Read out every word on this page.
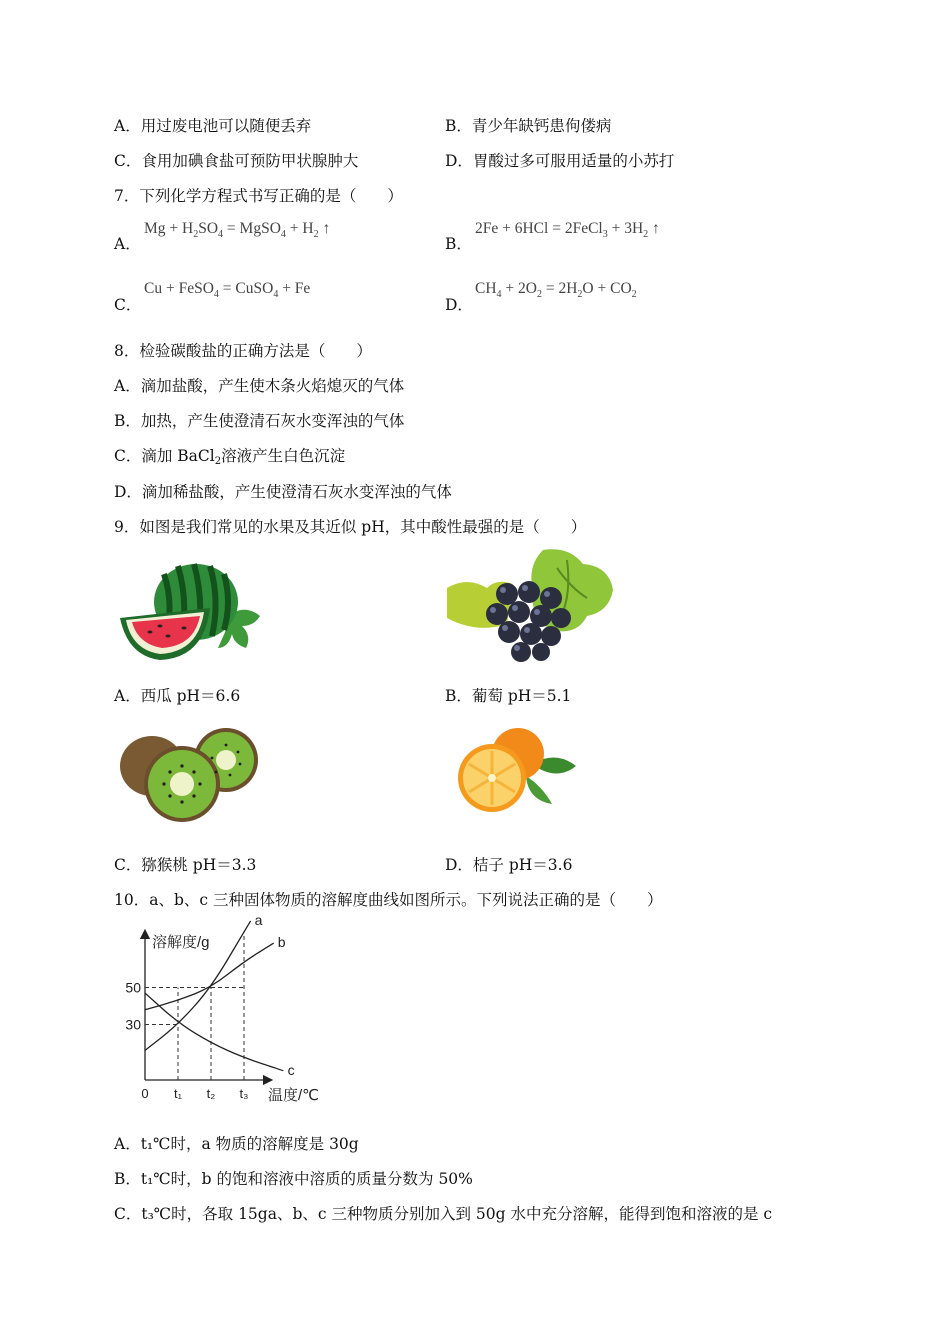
A．用过废电池可以随便丢弃	B．青少年缺钙患佝偻病
C．食用加碘食盐可预防甲状腺肿大	D．胃酸过多可服用适量的小苏打
7．下列化学方程式书写正确的是（　　）
A．
$Mg + H_2SO_4$ = MgSO$_4$ + $H_2$ ↑
B．
2Fe + 6HCl = 2FeCl$_3$ + $3H_2$ ↑
C．
Cu + FeSO$_4$ = CuSO$_4$ + Fe
D．
$CH_4 + 2O_2 = 2H_2O + CO_2$
8．检验碳酸盐的正确方法是（　　）
A．滴加盐酸，产生使木条火焰熄灭的气体
B．加热，产生使澄清石灰水变浑浊的气体
C．滴加 BaCl$_2$溶液产生白色沉淀
D．滴加稀盐酸，产生使澄清石灰水变浑浊的气体
9．如图是我们常见的水果及其近似 pH，其中酸性最强的是（　　）
A．西瓜 pH＝6.6	B．葡萄 pH＝5.1
C．猕猴桃 pH＝3.3	D．桔子 pH＝3.6
10．a、b、c 三种固体物质的溶解度曲线如图所示。下列说法正确的是（　　）
溶解度/g
温度/℃
30
50
0 t₁ t₂ t₃
a
b
c
A．t₁℃时，a 物质的溶解度是 30g
B．t₁℃时，b 的饱和溶液中溶质的质量分数为 50%
C．t₃℃时，各取 15ga、b、c 三种物质分别加入到 50g 水中充分溶解，能得到饱和溶液的是 c
